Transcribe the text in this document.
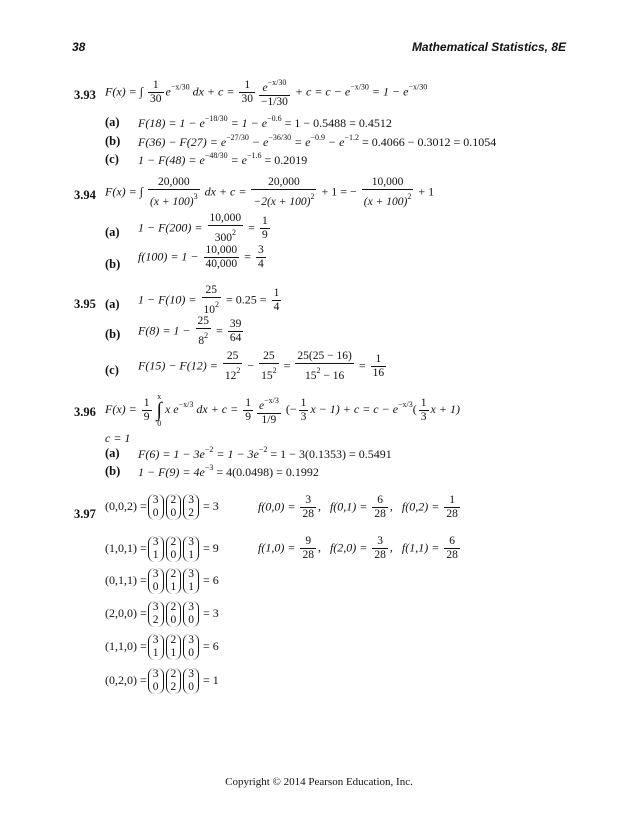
38	Mathematical Statistics, 8E
3.93 F(x) = ∫ $\frac{1}{30} e^{-x/30}$ dx + $c = \frac{1}{30} \frac{e^{-x/30}}{-1/30} + c = c - e^{-x/30} = 1 - e^{-x/30}$
(a) $F(18) = 1 - e^{-18/30} = 1 - e^{-0.6} = 1 - 0.5488 = 0.4512$
(b) $F(36) - F(27) = e^{-27/30} - e^{-36/30} = e^{-0.9} - e^{-1.2} = 0.4066 - 0.3012 = 0.1054$
(c) $1 - F(48) = e^{-48/30} = e^{-1.6} = 0.2019$
3.94 F(x) = ∫ $\frac{20,000}{(x + 100)^3}$ dx + $c = \frac{20,000}{-2(x + 100)^2} + 1$ = − $\frac{10,000}{(x + 100)^2} + 1$
(a) $1 - F(200) = \frac{10,000}{300^2} = \frac{1}{9}$
(b)
$f(100) = 1 - \frac{10,000}{40,000} = \frac{3}{4}$
3.95 (a) $1 - F(10) = \frac{25}{10^2} = 0.25 = \frac{1}{4}$
(b) $F(8) = 1 - \frac{25}{8^2} = \frac{39}{64}$
(c) $F(15) - F(12) = \frac{25}{12^2} - \frac{25}{15^2} = \frac{25(25 - 16)}{15^2 - 16} = \frac{1}{16}$
3.96 $F(x) = \frac{1}{9}$
x
∫
0
x $e^{-x/3}$ dx + $c = \frac{1}{9} \frac{e^{-x/3}}{1/9}$ (− $\frac{1}{3}$ $x - 1) + c = c - e^{-x/3}( \frac{1}{3}$ x + 1)
c = 1
(a) $F(6) = 1 - 3e^{-2} = 1 - 3e^{-2} = 1 - 3(0.1353) = 0.5491$
(b) $1 - F(9) = 4e^{-3} = 4(0.0498) = 0.1992$
3.97
(0,0,2) = 3
0
2
0
3
2
= 3
(1,0,1) = 3
1
2
0
3
1
= 9
(0,1,1) = 3
0
2
1
3
1
= 6
(2,0,0) = 3
2
2
0
3
0
= 3
(1,1,0) = 3
1
2
1
3
0
= 6
(0,2,0) = 3
0
2
2
3
0
= 1
$f(0,0) = \frac{3}{28}$ , $f(0,1) = \frac{6}{28}$ , $f(0,2) = \frac{1}{28}$
$f(1,0) = \frac{9}{28}$ , $f(2,0) = \frac{3}{28}$ , $f(1,1) = \frac{6}{28}$
Copyright © 2014 Pearson Education, Inc.
